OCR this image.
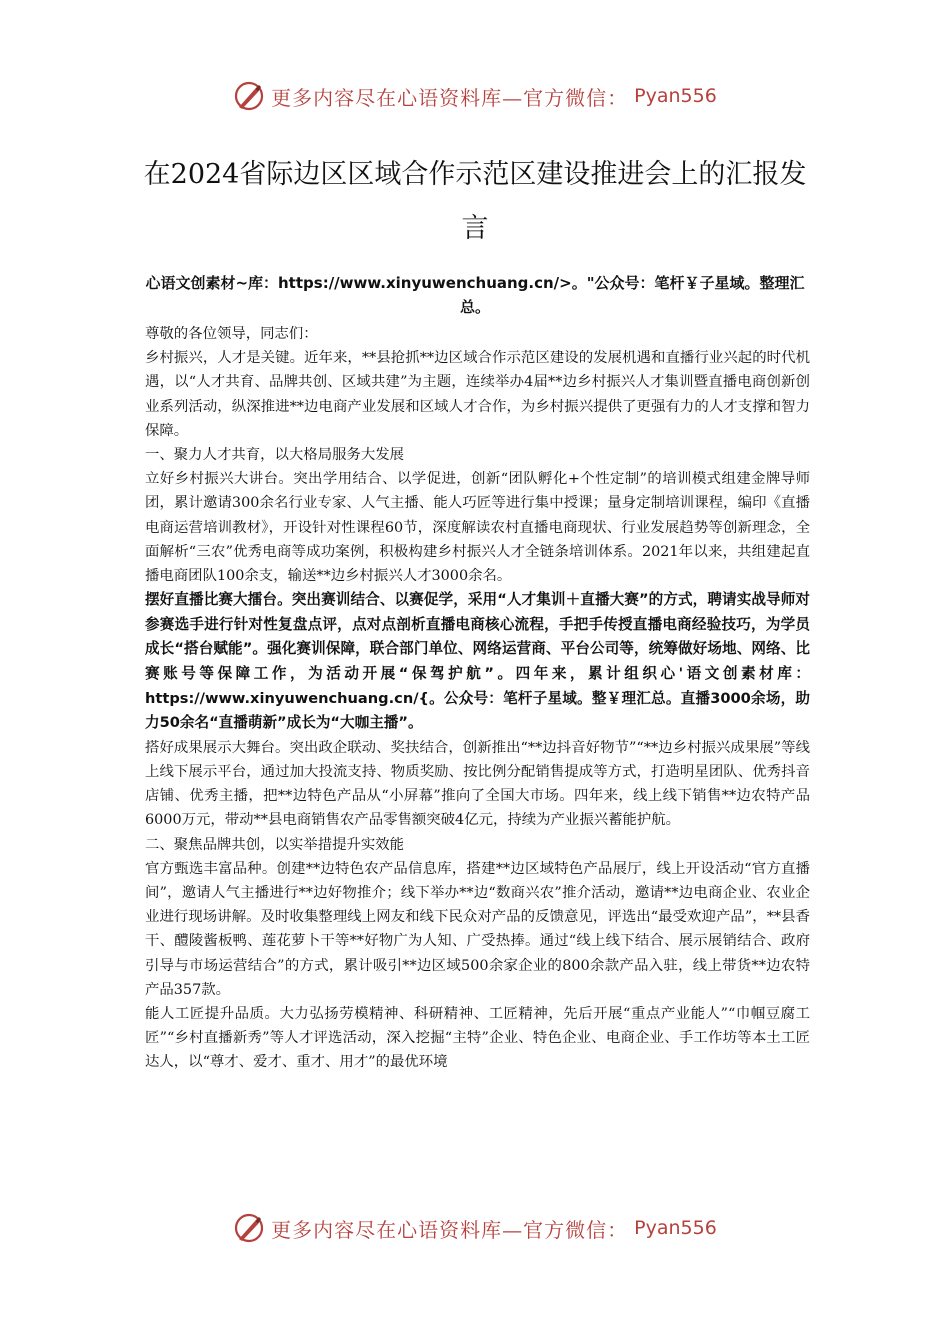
更多内容尽在心语资料库—官方微信： Pyan556
在2024省际边区区域合作示范区建设推进会上的汇报发言
心语文创素材~库：https://www.xinyuwenchuang.cn/>。"公众号：笔杆￥子星域。整理汇总。

尊敬的各位领导，同志们：

乡村振兴，人才是关键。近年来，**县抢抓**边区域合作示范区建设的发展机遇和直播行业兴起的时代机遇，以“人才共育、品牌共创、区域共建”为主题，连续举办4届**边乡村振兴人才集训暨直播电商创新创业系列活动，纵深推进**边电商产业发展和区域人才合作，为乡村振兴提供了更强有力的人才支撑和智力保障。

一、聚力人才共育，以大格局服务大发展

立好乡村振兴大讲台。突出学用结合、以学促进，创新“团队孵化+个性定制”的培训模式组建金牌导师团，累计邀请300余名行业专家、人气主播、能人巧匠等进行集中授课；量身定制培训课程，编印《直播电商运营培训教材》，开设针对性课程60节，深度解读农村直播电商现状、行业发展趋势等创新理念，全面解析“三农”优秀电商等成功案例，积极构建乡村振兴人才全链条培训体系。2021年以来，共组建起直播电商团队100余支，输送**边乡村振兴人才3000余名。

摆好直播比赛大擂台。突出赛训结合、以赛促学，采用“人才集训＋直播大赛”的方式，聘请实战导师对参赛选手进行针对性复盘点评，点对点剖析直播电商核心流程，手把手传授直播电商经验技巧，为学员成长“搭台赋能”。强化赛训保障，联合部门单位、网络运营商、平台公司等，统筹做好场地、网络、比赛账号等保障工作，为活动开展“保驾护航”。四年来，累计组织心'语文创素材库：https://www.xinyuwenchuang.cn/{。公众号：笔杆子星域。整￥理汇总。直播3000余场，助力50余名“直播萌新”成长为“大咖主播”。

搭好成果展示大舞台。突出政企联动、奖扶结合，创新推出“**边抖音好物节”“**边乡村振兴成果展”等线上线下展示平台，通过加大投流支持、物质奖励、按比例分配销售提成等方式，打造明星团队、优秀抖音店铺、优秀主播，把**边特色产品从“小屏幕”推向了全国大市场。四年来，线上线下销售**边农特产品6000万元，带动**县电商销售农产品零售额突破4亿元，持续为产业振兴蓄能护航。

二、聚焦品牌共创，以实举措提升实效能

官方甄选丰富品种。创建**边特色农产品信息库，搭建**边区域特色产品展厅，线上开设活动“官方直播间”，邀请人气主播进行**边好物推介；线下举办**边“数商兴农”推介活动，邀请**边电商企业、农业企业进行现场讲解。及时收集整理线上网友和线下民众对产品的反馈意见，评选出“最受欢迎产品”，**县香干、醴陵酱板鸭、莲花萝卜干等**好物广为人知、广受热捧。通过“线上线下结合、展示展销结合、政府引导与市场运营结合”的方式，累计吸引**边区域500余家企业的800余款产品入驻，线上带货**边农特产品357款。

能人工匠提升品质。大力弘扬劳模精神、科研精神、工匠精神，先后开展“重点产业能人”“巾帼豆腐工匠”“乡村直播新秀”等人才评选活动，深入挖掘“主特”企业、特色企业、电商企业、手工作坊等本土工匠达人，以“尊才、爱才、重才、用才”的最优环境

更多内容尽在心语资料库—官方微信： Pyan556
